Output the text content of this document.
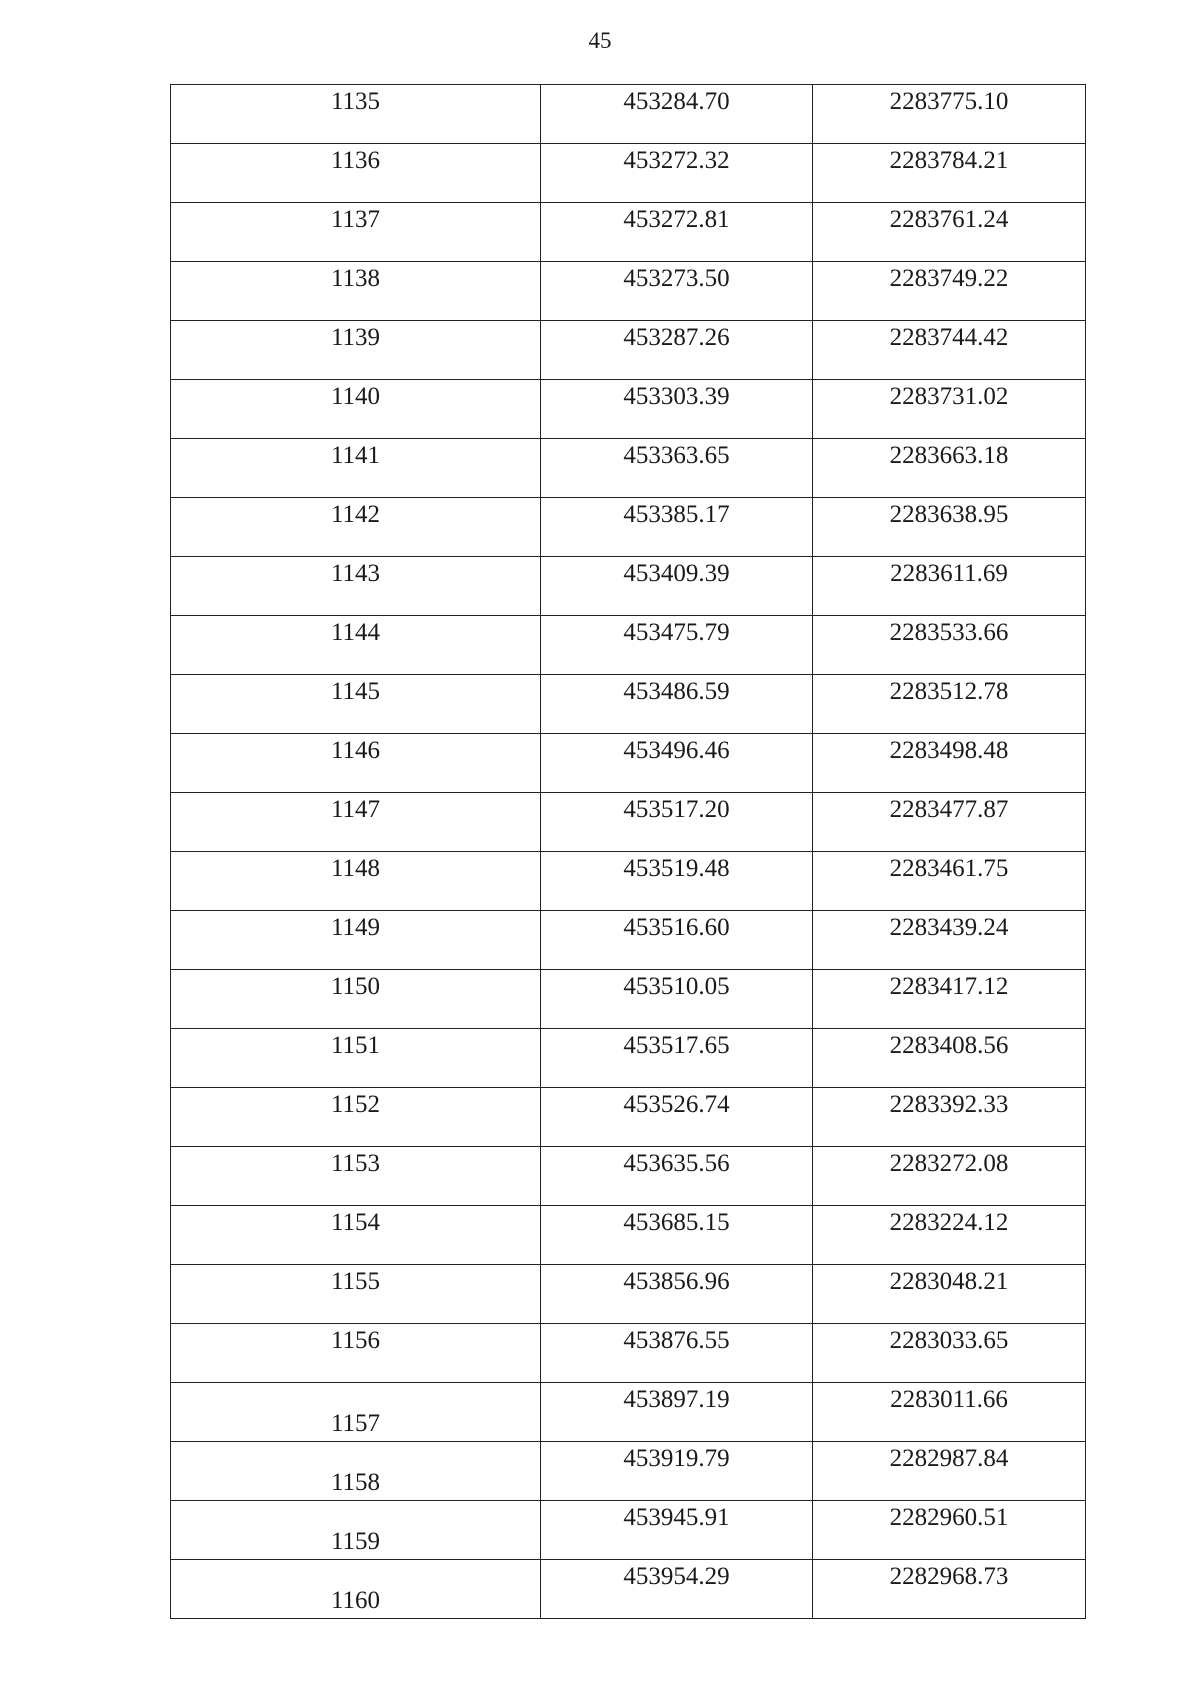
45
1135	453284.70	2283775.10
1136	453272.32	2283784.21
1137	453272.81	2283761.24
1138	453273.50	2283749.22
1139	453287.26	2283744.42
1140	453303.39	2283731.02
1141	453363.65	2283663.18
1142	453385.17	2283638.95
1143	453409.39	2283611.69
1144	453475.79	2283533.66
1145	453486.59	2283512.78
1146	453496.46	2283498.48
1147	453517.20	2283477.87
1148	453519.48	2283461.75
1149	453516.60	2283439.24
1150	453510.05	2283417.12
1151	453517.65	2283408.56
1152	453526.74	2283392.33
1153	453635.56	2283272.08
1154	453685.15	2283224.12
1155	453856.96	2283048.21
1156	453876.55	2283033.65
1157	453897.19	2283011.66
1158	453919.79	2282987.84
1159	453945.91	2282960.51
1160	453954.29	2282968.73
